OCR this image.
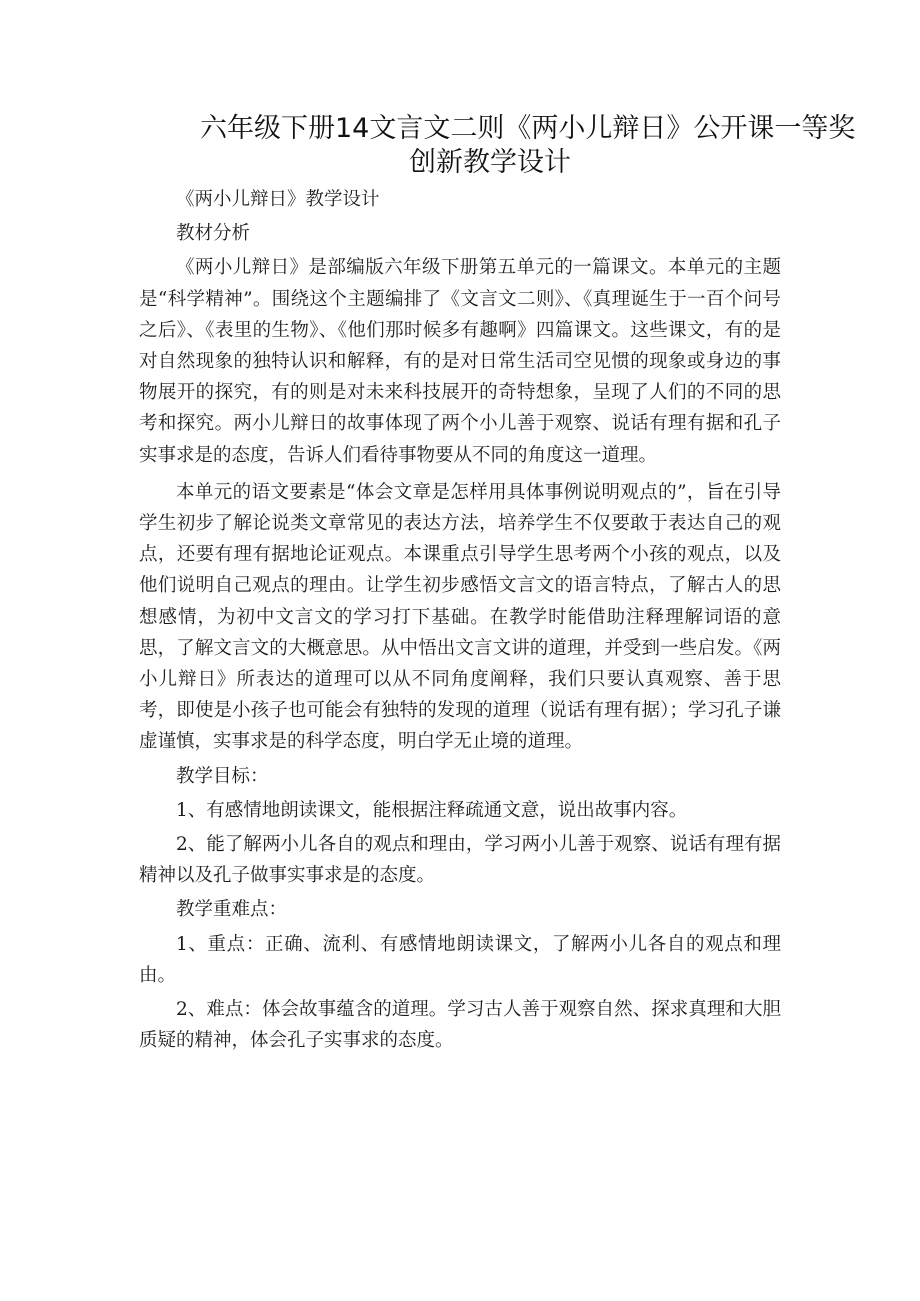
六年级下册14文言文二则《两小儿辩日》公开课一等奖
创新教学设计

《两小儿辩日》教学设计

教材分析

《两小儿辩日》是部编版六年级下册第五单元的一篇课文。本单元的主题是“科学精神”。围绕这个主题编排了《文言文二则》、《真理诞生于一百个问号之后》、《表里的生物》、《他们那时候多有趣啊》四篇课文。这些课文，有的是对自然现象的独特认识和解释，有的是对日常生活司空见惯的现象或身边的事物展开的探究，有的则是对未来科技展开的奇特想象，呈现了人们的不同的思考和探究。两小儿辩日的故事体现了两个小儿善于观察、说话有理有据和孔子实事求是的态度，告诉人们看待事物要从不同的角度这一道理。

本单元的语文要素是“体会文章是怎样用具体事例说明观点的”，旨在引导学生初步了解论说类文章常见的表达方法，培养学生不仅要敢于表达自己的观点，还要有理有据地论证观点。本课重点引导学生思考两个小孩的观点，以及他们说明自己观点的理由。让学生初步感悟文言文的语言特点，了解古人的思想感情，为初中文言文的学习打下基础。在教学时能借助注释理解词语的意思，了解文言文的大概意思。从中悟出文言文讲的道理，并受到一些启发。《两小儿辩日》所表达的道理可以从不同角度阐释，我们只要认真观察、善于思考，即使是小孩子也可能会有独特的发现的道理（说话有理有据）；学习孔子谦虚谨慎，实事求是的科学态度，明白学无止境的道理。

教学目标：

1、有感情地朗读课文，能根据注释疏通文意，说出故事内容。

2、能了解两小儿各自的观点和理由，学习两小儿善于观察、说话有理有据精神以及孔子做事实事求是的态度。

教学重难点：

1、重点：正确、流利、有感情地朗读课文，了解两小儿各自的观点和理由。

2、难点：体会故事蕴含的道理。学习古人善于观察自然、探求真理和大胆质疑的精神，体会孔子实事求的态度。
